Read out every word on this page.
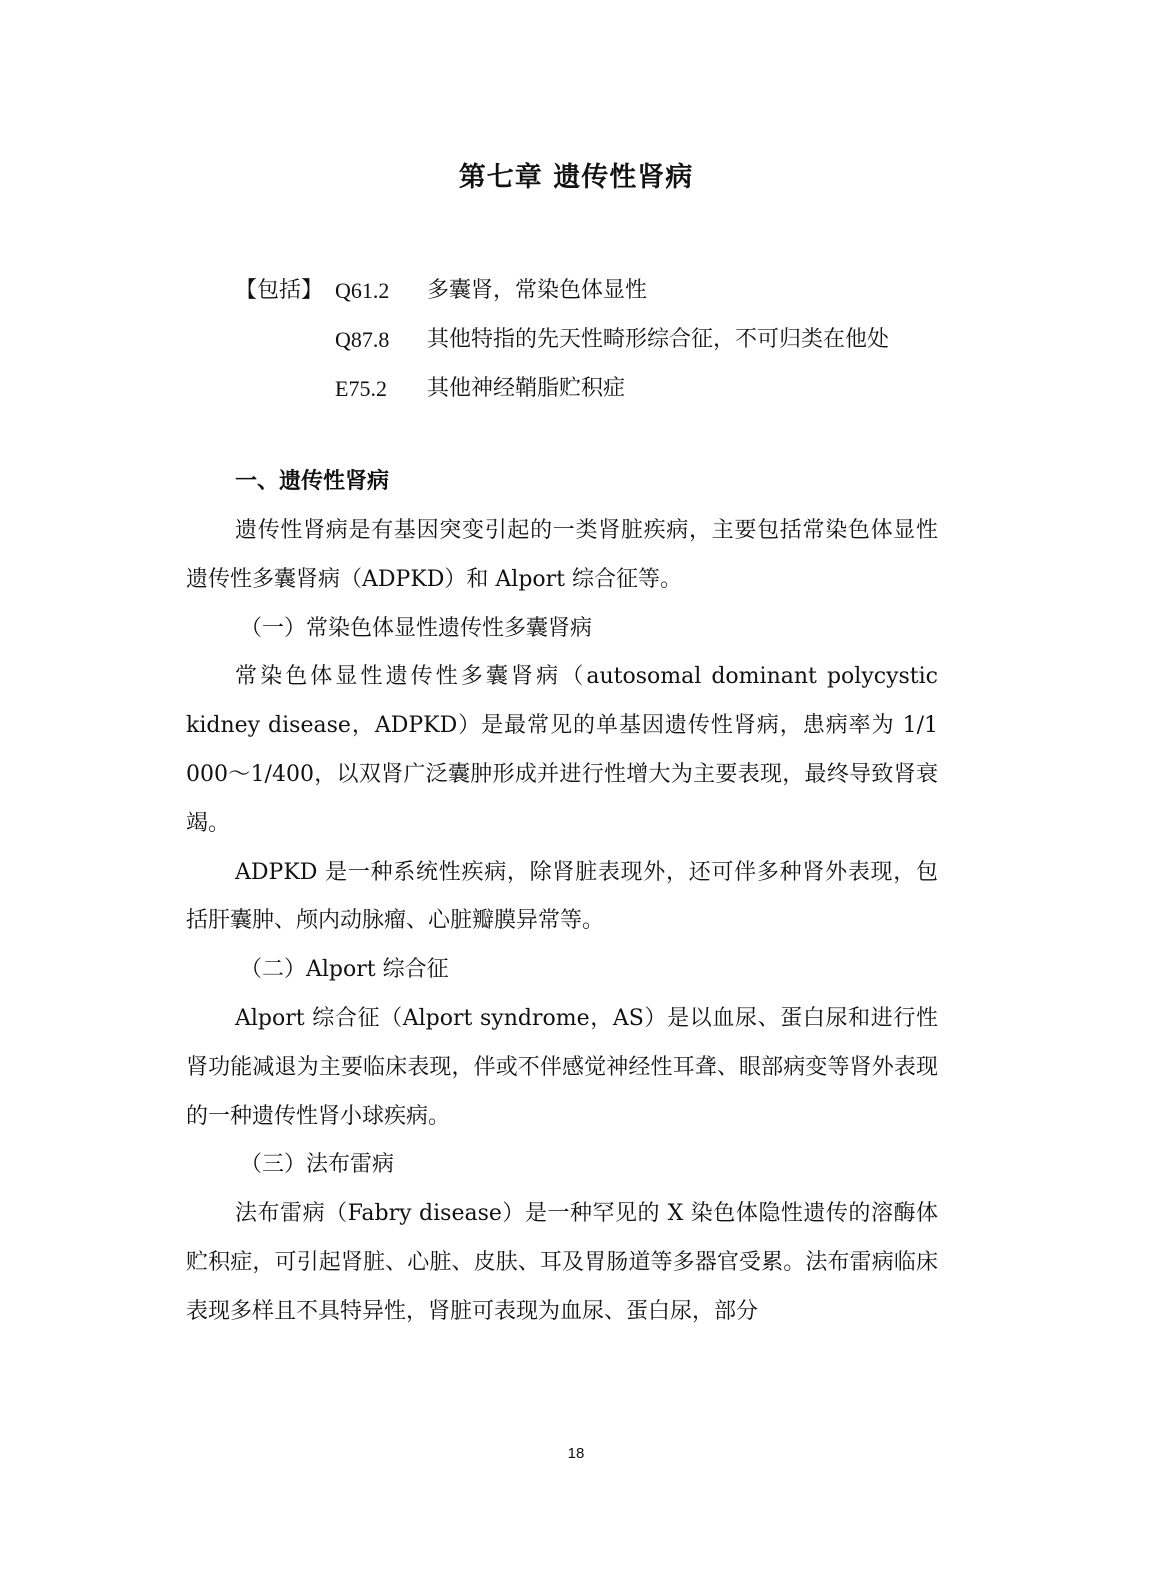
第七章 遗传性肾病
【包括】 Q61.2	多囊肾，常染色体显性
Q87.8	其他特指的先天性畸形综合征，不可归类在他处
E75.2	其他神经鞘脂贮积症
一、遗传性肾病

遗传性肾病是有基因突变引起的一类肾脏疾病，主要包括常染色体显性遗传性多囊肾病（ADPKD）和 Alport 综合征等。

（一）常染色体显性遗传性多囊肾病

常染色体显性遗传性多囊肾病（autosomal dominant polycystic kidney disease，ADPKD）是最常见的单基因遗传性肾病，患病率为 1/1 000～1/400，以双肾广泛囊肿形成并进行性增大为主要表现，最终导致肾衰竭。

ADPKD 是一种系统性疾病，除肾脏表现外，还可伴多种肾外表现，包括肝囊肿、颅内动脉瘤、心脏瓣膜异常等。

（二）Alport 综合征

Alport 综合征（Alport syndrome，AS）是以血尿、蛋白尿和进行性肾功能减退为主要临床表现，伴或不伴感觉神经性耳聋、眼部病变等肾外表现的一种遗传性肾小球疾病。

（三）法布雷病

法布雷病（Fabry disease）是一种罕见的 X 染色体隐性遗传的溶酶体贮积症，可引起肾脏、心脏、皮肤、耳及胃肠道等多器官受累。法布雷病临床表现多样且不具特异性，肾脏可表现为血尿、蛋白尿，部分

18
